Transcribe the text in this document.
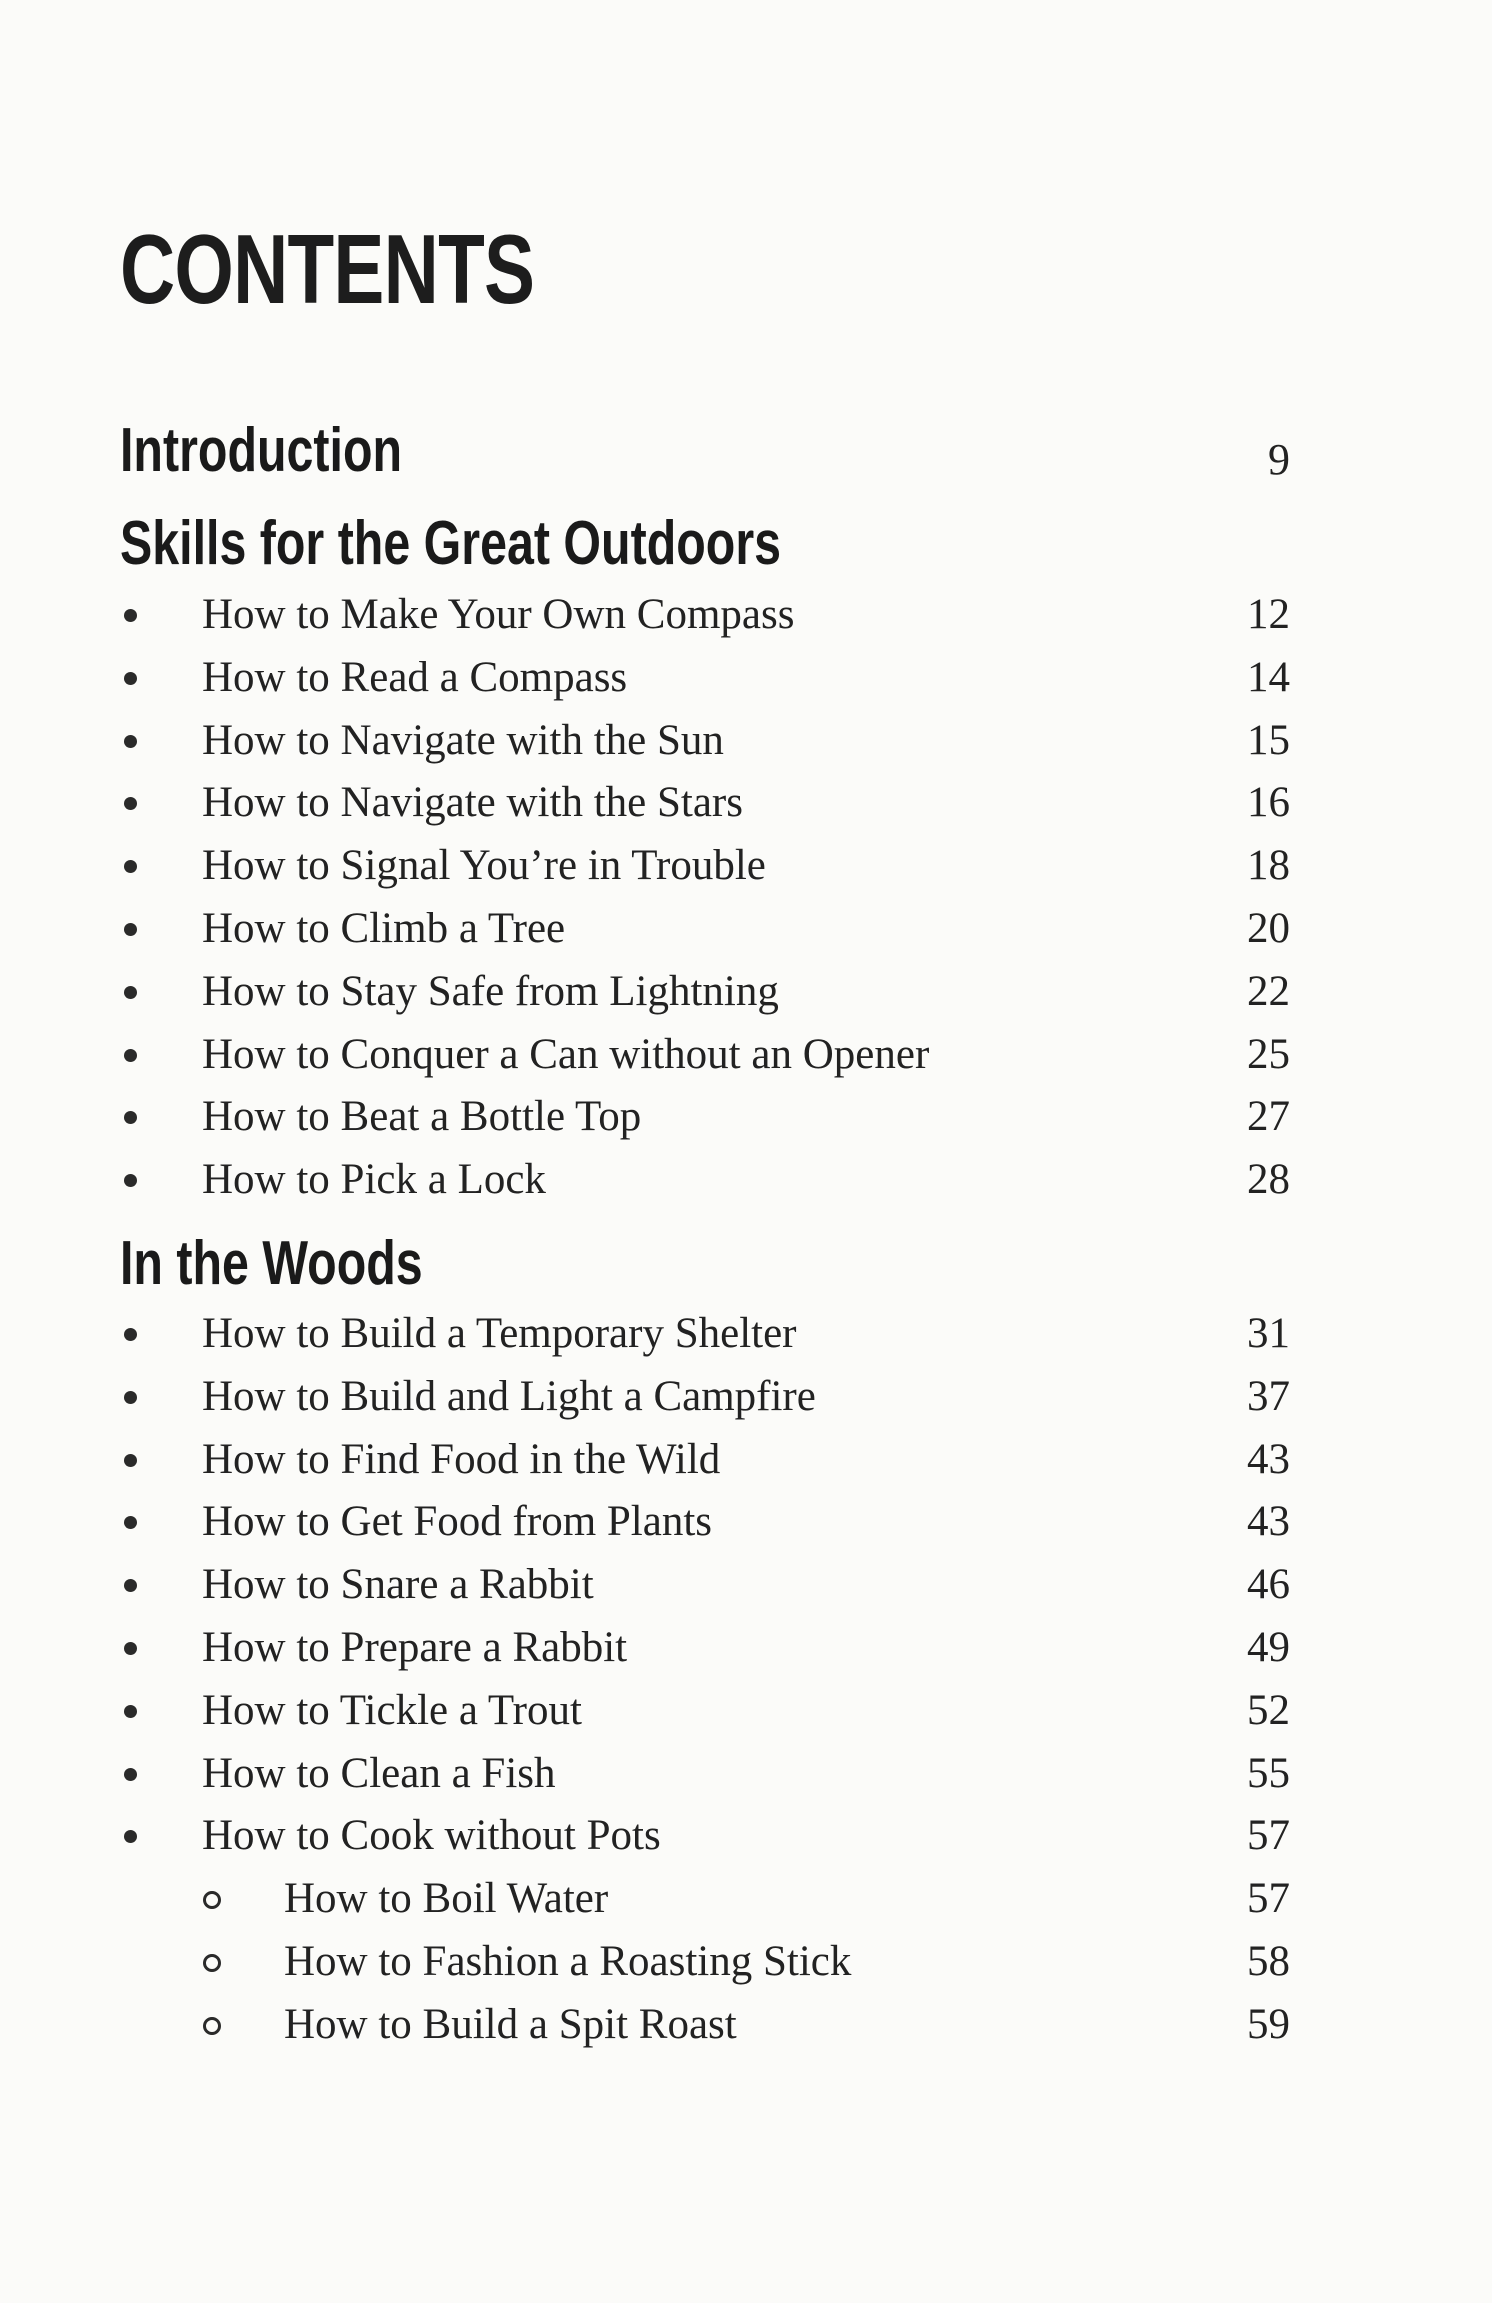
CONTENTS
Introduction	9
Skills for the Great Outdoors
How to Make Your Own Compass	12
How to Read a Compass	14
How to Navigate with the Sun	15
How to Navigate with the Stars	16
How to Signal You’re in Trouble	18
How to Climb a Tree	20
How to Stay Safe from Lightning	22
How to Conquer a Can without an Opener	25
How to Beat a Bottle Top	27
How to Pick a Lock	28
In the Woods
How to Build a Temporary Shelter	31
How to Build and Light a Campfire	37
How to Find Food in the Wild	43
How to Get Food from Plants	43
How to Snare a Rabbit	46
How to Prepare a Rabbit	49
How to Tickle a Trout	52
How to Clean a Fish	55
How to Cook without Pots	57
How to Boil Water	57
How to Fashion a Roasting Stick	58
How to Build a Spit Roast	59
